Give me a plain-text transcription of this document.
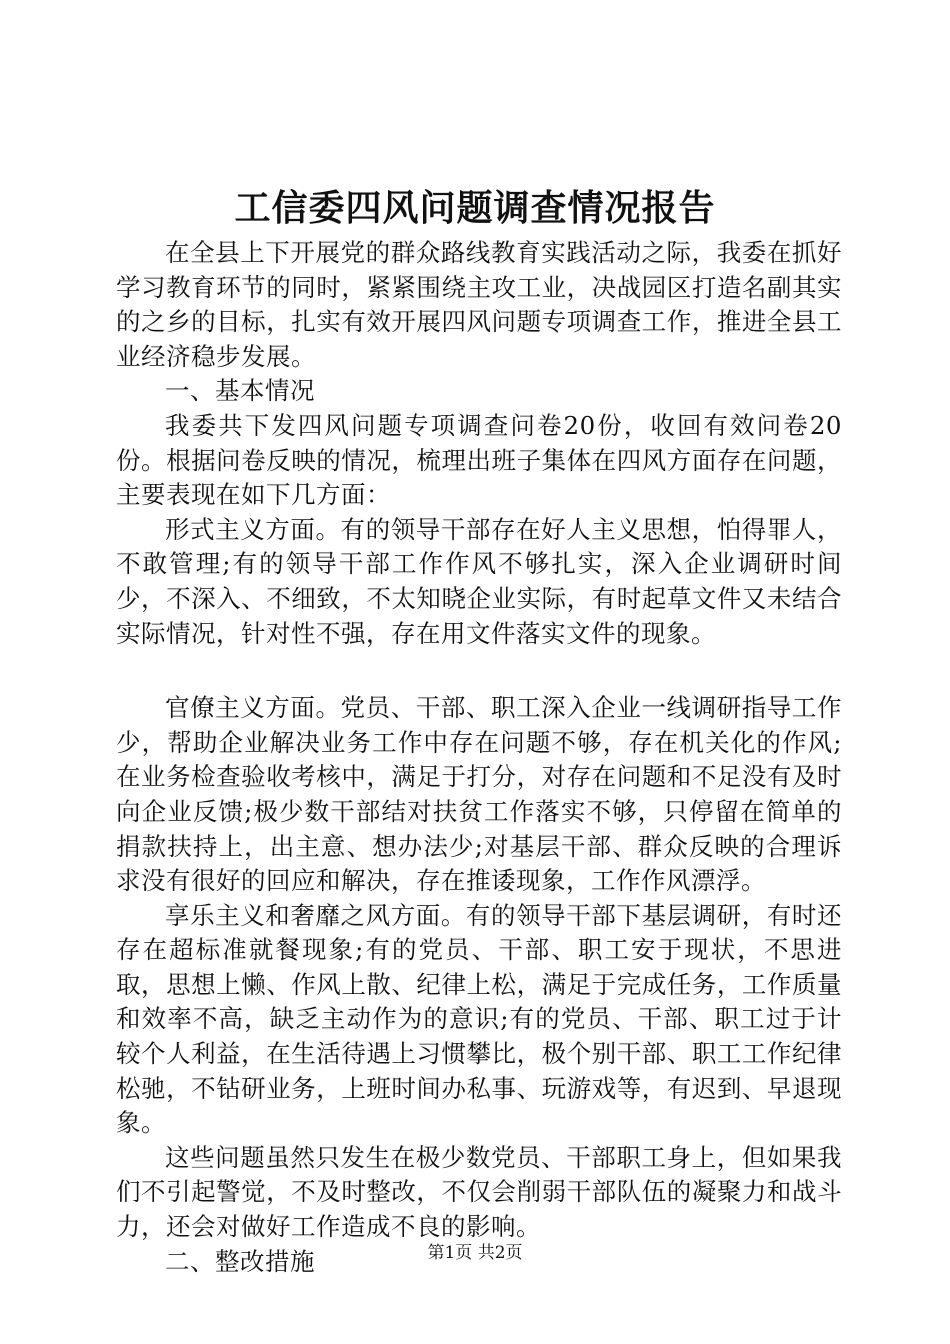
工信委四风问题调查情况报告

在全县上下开展党的群众路线教育实践活动之际，我委在抓好学习教育环节的同时，紧紧围绕主攻工业，决战园区打造名副其实的之乡的目标，扎实有效开展四风问题专项调查工作，推进全县工业经济稳步发展。

一、基本情况

我委共下发四风问题专项调查问卷20份，收回有效问卷20份。根据问卷反映的情况，梳理出班子集体在四风方面存在问题，主要表现在如下几方面：

形式主义方面。有的领导干部存在好人主义思想，怕得罪人，不敢管理;有的领导干部工作作风不够扎实，深入企业调研时间少，不深入、不细致，不太知晓企业实际，有时起草文件又未结合实际情况，针对性不强，存在用文件落实文件的现象。

官僚主义方面。党员、干部、职工深入企业一线调研指导工作少，帮助企业解决业务工作中存在问题不够，存在机关化的作风;在业务检查验收考核中，满足于打分，对存在问题和不足没有及时向企业反馈;极少数干部结对扶贫工作落实不够，只停留在简单的捐款扶持上，出主意、想办法少;对基层干部、群众反映的合理诉求没有很好的回应和解决，存在推诿现象，工作作风漂浮。

享乐主义和奢靡之风方面。有的领导干部下基层调研，有时还存在超标准就餐现象;有的党员、干部、职工安于现状，不思进取，思想上懒、作风上散、纪律上松，满足于完成任务，工作质量和效率不高，缺乏主动作为的意识;有的党员、干部、职工过于计较个人利益，在生活待遇上习惯攀比，极个别干部、职工工作纪律松驰，不钻研业务，上班时间办私事、玩游戏等，有迟到、早退现象。

这些问题虽然只发生在极少数党员、干部职工身上，但如果我们不引起警觉，不及时整改，不仅会削弱干部队伍的凝聚力和战斗力，还会对做好工作造成不良的影响。

二、整改措施	第1页 共2页
